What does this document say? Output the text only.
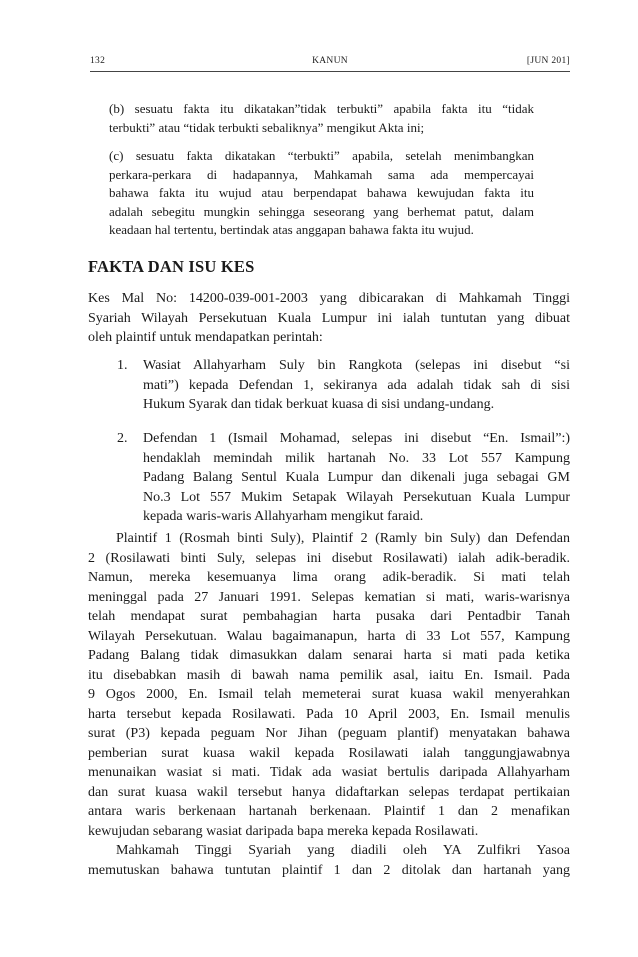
132	KANUN	[JUN 201]
(b) sesuatu fakta itu dikatakan”tidak terbukti” apabila fakta itu “tidak
terbukti” atau “tidak terbukti sebaliknya” mengikut Akta ini;
(c) sesuatu fakta dikatakan “terbukti” apabila, setelah menimbangkan
perkara-perkara di hadapannya, Mahkamah sama ada mempercayai
bahawa fakta itu wujud atau berpendapat bahawa kewujudan fakta itu
adalah sebegitu mungkin sehingga seseorang yang berhemat patut, dalam
keadaan hal tertentu, bertindak atas anggapan bahawa fakta itu wujud.
FAKTA DAN ISU KES
Kes Mal No: 14200-039-001-2003 yang dibicarakan di Mahkamah Tinggi
Syariah Wilayah Persekutuan Kuala Lumpur ini ialah tuntutan yang dibuat
oleh plaintif untuk mendapatkan perintah:
1. Wasiat Allahyarham Suly bin Rangkota (selepas ini disebut “si
mati”) kepada Defendan 1, sekiranya ada adalah tidak sah di sisi
Hukum Syarak dan tidak berkuat kuasa di sisi undang-undang.
2. Defendan 1 (Ismail Mohamad, selepas ini disebut “En. Ismail”:)
hendaklah memindah milik hartanah No. 33 Lot 557 Kampung
Padang Balang Sentul Kuala Lumpur dan dikenali juga sebagai GM
No.3 Lot 557 Mukim Setapak Wilayah Persekutuan Kuala Lumpur
kepada waris-waris Allahyarham mengikut faraid.
Plaintif 1 (Rosmah binti Suly), Plaintif 2 (Ramly bin Suly) dan Defendan
2 (Rosilawati binti Suly, selepas ini disebut Rosilawati) ialah adik-beradik.
Namun, mereka kesemuanya lima orang adik-beradik. Si mati telah
meninggal pada 27 Januari 1991. Selepas kematian si mati, waris-warisnya
telah mendapat surat pembahagian harta pusaka dari Pentadbir Tanah
Wilayah Persekutuan. Walau bagaimanapun, harta di 33 Lot 557, Kampung
Padang Balang tidak dimasukkan dalam senarai harta si mati pada ketika
itu disebabkan masih di bawah nama pemilik asal, iaitu En. Ismail. Pada
9 Ogos 2000, En. Ismail telah memeterai surat kuasa wakil menyerahkan
harta tersebut kepada Rosilawati. Pada 10 April 2003, En. Ismail menulis
surat (P3) kepada peguam Nor Jihan (peguam plantif) menyatakan bahawa
pemberian surat kuasa wakil kepada Rosilawati ialah tanggungjawabnya
menunaikan wasiat si mati. Tidak ada wasiat bertulis daripada Allahyarham
dan surat kuasa wakil tersebut hanya didaftarkan selepas terdapat pertikaian
antara waris berkenaan hartanah berkenaan. Plaintif 1 dan 2 menafikan
kewujudan sebarang wasiat daripada bapa mereka kepada Rosilawati.
Mahkamah Tinggi Syariah yang diadili oleh YA Zulfikri Yasoa
memutuskan bahawa tuntutan plaintif 1 dan 2 ditolak dan hartanah yang
